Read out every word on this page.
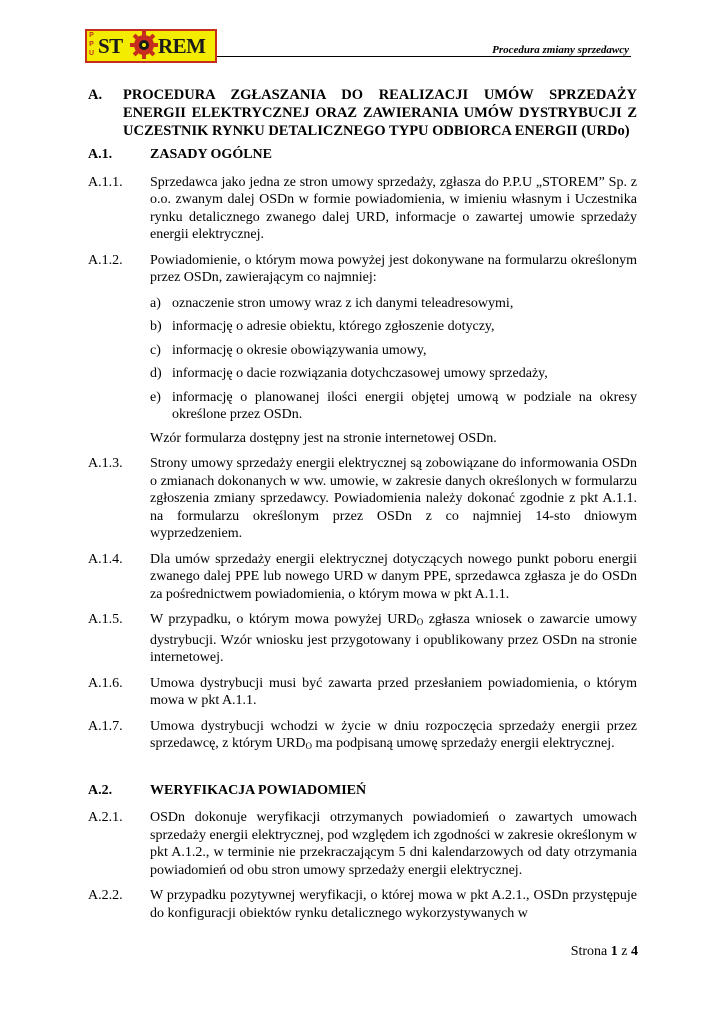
P
P
U ST REM	Procedura zmiany sprzedawcy
A.	PROCEDURA ZGŁASZANIA DO REALIZACJI UMÓW SPRZEDAŻY ENERGII ELEKTRYCZNEJ ORAZ ZAWIERANIA UMÓW DYSTRYBUCJI Z UCZESTNIK RYNKU DETALICZNEGO TYPU ODBIORCA ENERGII (URDo)
A.1.	ZASADY OGÓLNE
A.1.1.	Sprzedawca jako jedna ze stron umowy sprzedaży, zgłasza do P.P.U „STOREM” Sp. z o.o. zwanym dalej OSDn w formie powiadomienia, w imieniu własnym i Uczestnika rynku detalicznego zwanego dalej URD, informacje o zawartej umowie sprzedaży energii elektrycznej.
A.1.2.	Powiadomienie, o którym mowa powyżej jest dokonywane na formularzu określonym przez OSDn, zawierającym co najmniej:
a) oznaczenie stron umowy wraz z ich danymi teleadresowymi,
b) informację o adresie obiektu, którego zgłoszenie dotyczy,
c) informację o okresie obowiązywania umowy,
d) informację o dacie rozwiązania dotychczasowej umowy sprzedaży,
e) informację o planowanej ilości energii objętej umową w podziale na okresy określone przez OSDn.
Wzór formularza dostępny jest na stronie internetowej OSDn.
A.1.3.	Strony umowy sprzedaży energii elektrycznej są zobowiązane do informowania OSDn o zmianach dokonanych w ww. umowie, w zakresie danych określonych w formularzu zgłoszenia zmiany sprzedawcy. Powiadomienia należy dokonać zgodnie z pkt A.1.1. na formularzu określonym przez OSDn z co najmniej 14-sto dniowym wyprzedzeniem.
A.1.4.	Dla umów sprzedaży energii elektrycznej dotyczących nowego punkt poboru energii zwanego dalej PPE lub nowego URD w danym PPE, sprzedawca zgłasza je do OSDn za pośrednictwem powiadomienia, o którym mowa w pkt A.1.1.
A.1.5.	W przypadku, o którym mowa powyżej $URD_O$ zgłasza wniosek o zawarcie umowy dystrybucji. Wzór wniosku jest przygotowany i opublikowany przez OSDn na stronie internetowej.
A.1.6.	Umowa dystrybucji musi być zawarta przed przesłaniem powiadomienia, o którym mowa w pkt A.1.1.
A.1.7.	Umowa dystrybucji wchodzi w życie w dniu rozpoczęcia sprzedaży energii przez sprzedawcę, z którym $URD_O$ ma podpisaną umowę sprzedaży energii elektrycznej.
A.2.	WERYFIKACJA POWIADOMIEŃ
A.2.1.	OSDn dokonuje weryfikacji otrzymanych powiadomień o zawartych umowach sprzedaży energii elektrycznej, pod względem ich zgodności w zakresie określonym w pkt A.1.2., w terminie nie przekraczającym 5 dni kalendarzowych od daty otrzymania powiadomień od obu stron umowy sprzedaży energii elektrycznej.
A.2.2.	W przypadku pozytywnej weryfikacji, o której mowa w pkt A.2.1., OSDn przystępuje do konfiguracji obiektów rynku detalicznego wykorzystywanych w
Strona 1 z 4
